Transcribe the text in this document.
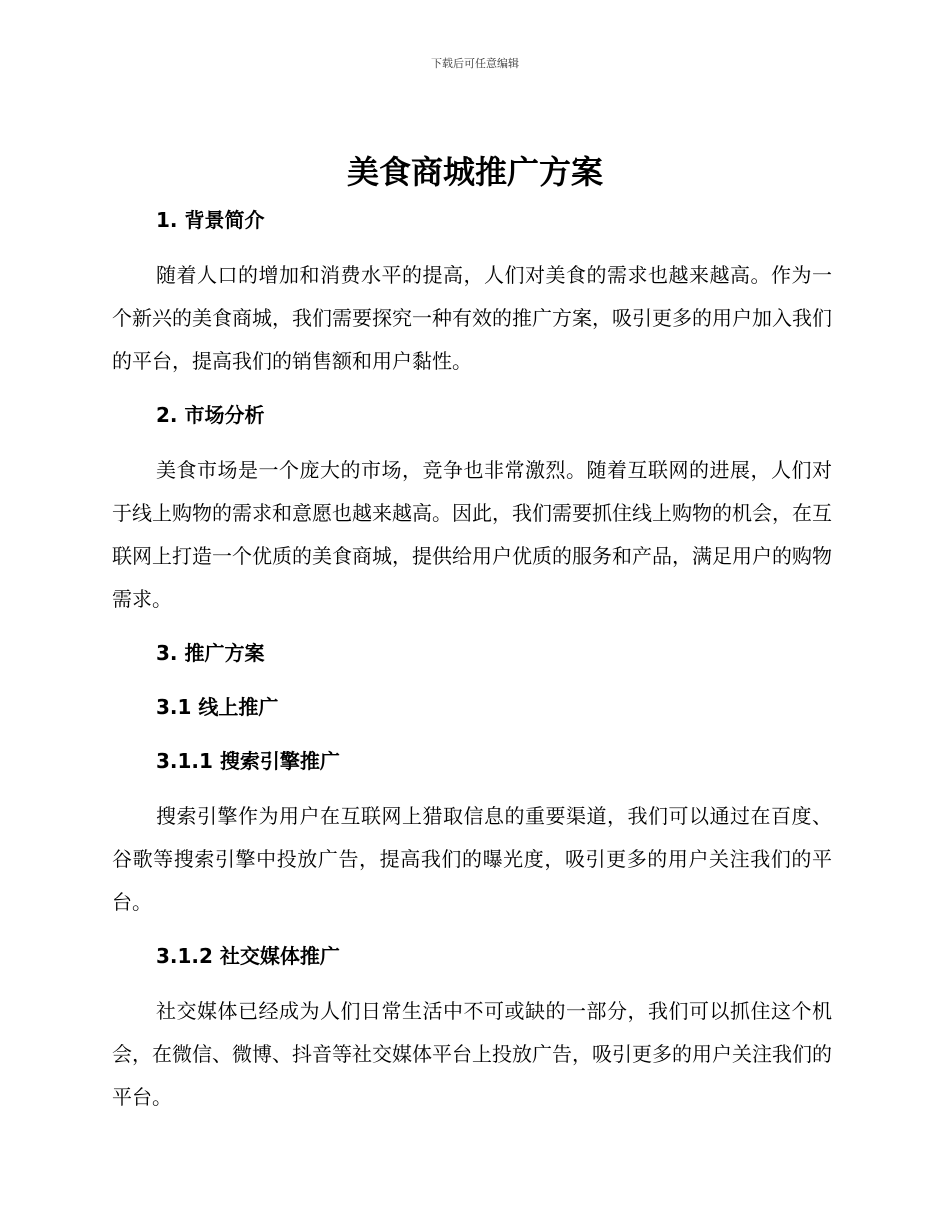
下载后可任意编辑
美食商城推广方案
1. 背景简介

随着人口的增加和消费水平的提高，人们对美食的需求也越来越高。作为一个新兴的美食商城，我们需要探究一种有效的推广方案，吸引更多的用户加入我们的平台，提高我们的销售额和用户黏性。

2. 市场分析

美食市场是一个庞大的市场，竞争也非常激烈。随着互联网的进展，人们对于线上购物的需求和意愿也越来越高。因此，我们需要抓住线上购物的机会，在互联网上打造一个优质的美食商城，提供给用户优质的服务和产品，满足用户的购物需求。

3. 推广方案
3.1 线上推广
3.1.1 搜索引擎推广

搜索引擎作为用户在互联网上猎取信息的重要渠道，我们可以通过在百度、谷歌等搜索引擎中投放广告，提高我们的曝光度，吸引更多的用户关注我们的平台。

3.1.2 社交媒体推广

社交媒体已经成为人们日常生活中不可或缺的一部分，我们可以抓住这个机会，在微信、微博、抖音等社交媒体平台上投放广告，吸引更多的用户关注我们的平台。
